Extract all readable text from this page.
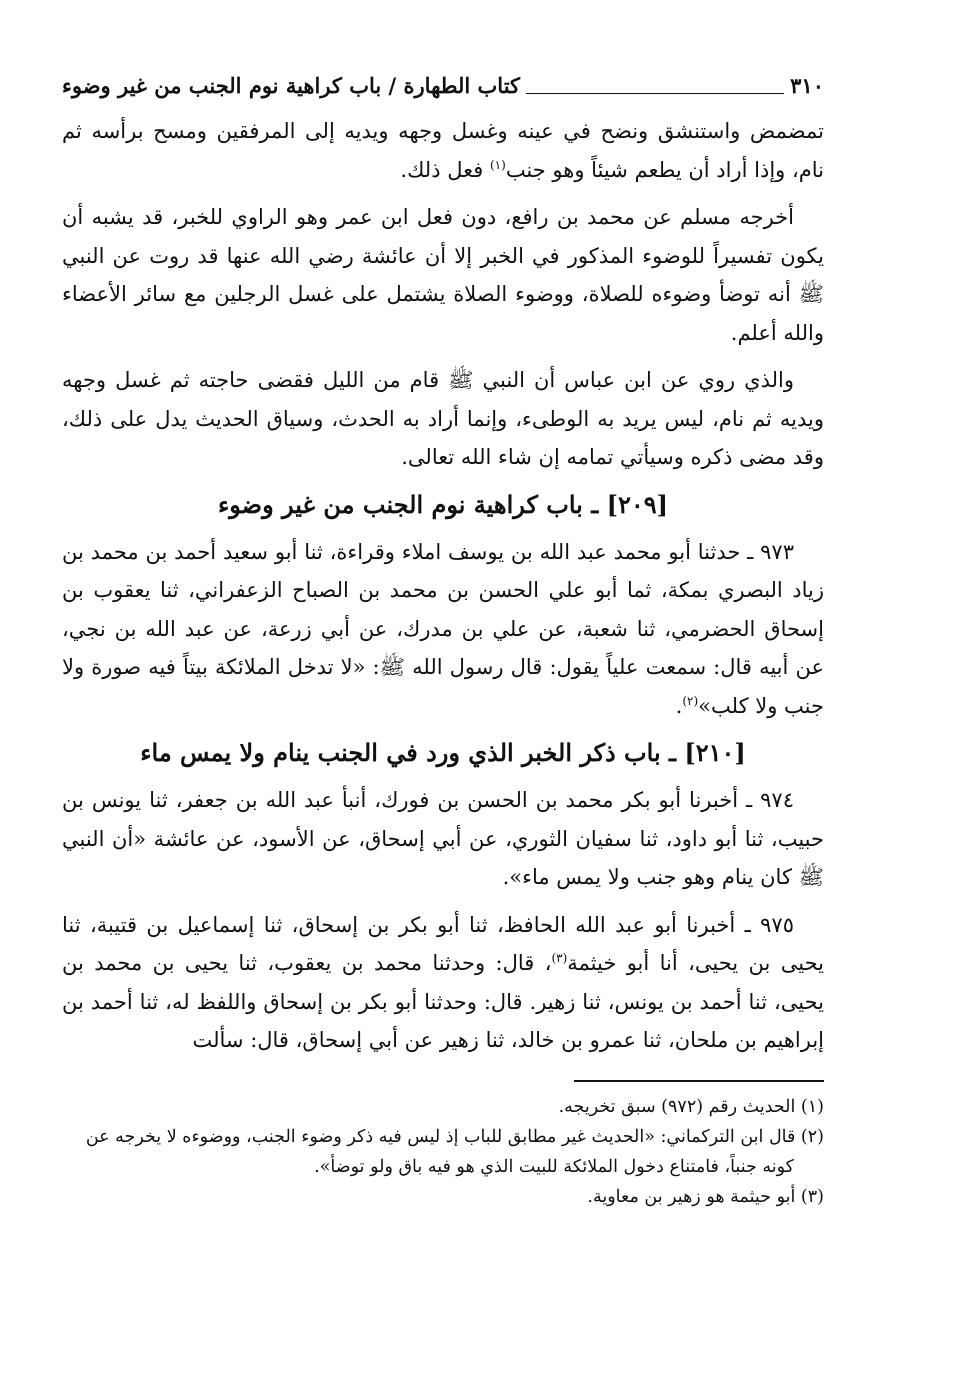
٣١٠
كتاب الطهارة / باب كراهية نوم الجنب من غير وضوء

تمضمض واستنشق ونضح في عينه وغسل وجهه ويديه إلى المرفقين ومسح برأسه ثم نام، وإذا أراد أن يطعم شيئاً وهو جنب$^{(١)}$ فعل ذلك.

أخرجه مسلم عن محمد بن رافع، دون فعل ابن عمر وهو الراوي للخبر، قد يشبه أن يكون تفسيراً للوضوء المذكور في الخبر إلا أن عائشة رضي الله عنها قد روت عن النبي ﷺ أنه توضأ وضوءه للصلاة، ووضوء الصلاة يشتمل على غسل الرجلين مع سائر الأعضاء والله أعلم.

والذي روي عن ابن عباس أن النبي ﷺ قام من الليل فقضى حاجته ثم غسل وجهه ويديه ثم نام، ليس يريد به الوطىء، وإنما أراد به الحدث، وسياق الحديث يدل على ذلك، وقد مضى ذكره وسيأتي تمامه إن شاء الله تعالى.

[٢٠٩] ـ باب كراهية نوم الجنب من غير وضوء

٩٧٣ ـ حدثنا أبو محمد عبد الله بن يوسف املاء وقراءة، ثنا أبو سعيد أحمد بن محمد بن زياد البصري بمكة، ثما أبو علي الحسن بن محمد بن الصباح الزعفراني، ثنا يعقوب بن إسحاق الحضرمي، ثنا شعبة، عن علي بن مدرك، عن أبي زرعة، عن عبد الله بن نجي، عن أبيه قال: سمعت علياً يقول: قال رسول الله ﷺ: «لا تدخل الملائكة بيتاً فيه صورة ولا جنب ولا كلب»$^{(٢)}$.

[٢١٠] ـ باب ذكر الخبر الذي ورد في الجنب ينام ولا يمس ماء

٩٧٤ ـ أخبرنا أبو بكر محمد بن الحسن بن فورك، أنبأ عبد الله بن جعفر، ثنا يونس بن حبيب، ثنا أبو داود، ثنا سفيان الثوري، عن أبي إسحاق، عن الأسود، عن عائشة «أن النبي ﷺ كان ينام وهو جنب ولا يمس ماء».

٩٧٥ ـ أخبرنا أبو عبد الله الحافظ، ثنا أبو بكر بن إسحاق، ثنا إسماعيل بن قتيبة، ثنا يحيى بن يحيى، أنا أبو خيثمة$^{(٣)}$، قال: وحدثنا محمد بن يعقوب، ثنا يحيى بن محمد بن يحيى، ثنا أحمد بن يونس، ثنا زهير. قال: وحدثنا أبو بكر بن إسحاق واللفظ له، ثنا أحمد بن إبراهيم بن ملحان، ثنا عمرو بن خالد، ثنا زهير عن أبي إسحاق، قال: سألت

(١) الحديث رقم (٩٧٢) سبق تخريجه.

(٢) قال ابن التركماني: «الحديث غير مطابق للباب إذ ليس فيه ذكر وضوء الجنب، ووضوءه لا يخرجه عن

كونه جنباً، فامتناع دخول الملائكة للبيت الذي هو فيه باق ولو توضأ».

(٣) أبو حيثمة هو زهير بن معاوية.
